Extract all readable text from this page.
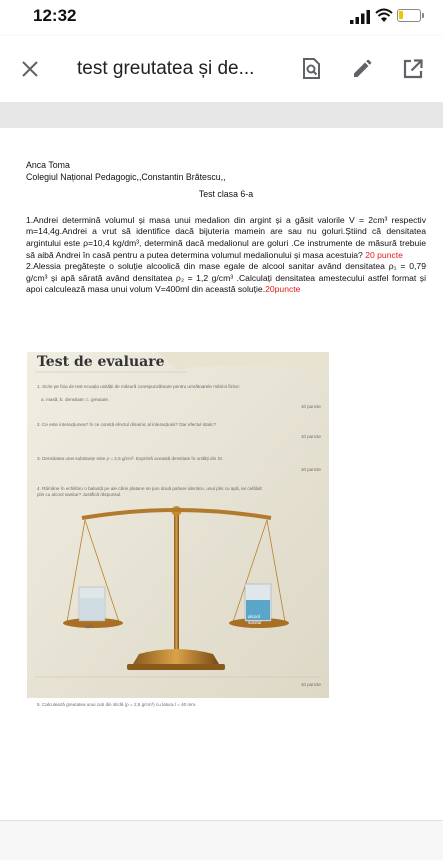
12:32
test greutatea și de...

Anca Toma

Colegiul Național Pedagogic,,Constantin Brătescu,,

Test clasa 6-a

1.Andrei determină volumul și masa unui medalion din argint și a găsit valorile V = 2cm³ respectiv m=14,4g.Andrei a vrut să identifice dacă bijuteria mamein are sau nu goluri.Știind că densitatea argintului este ρ=10,4 kg/dm³, determină dacă medalionul are goluri .Ce instrumente de măsură trebuie să aibă Andrei în casă pentru a putea determina volumul medalionului și masa acestuia? 20 puncte

2.Alessia pregătește o soluție alcoolică din mase egale de alcool sanitar având densitatea ρ₁ = 0,79 g/cm³ și apă sărată având densitatea ρ₂ = 1,2 g/cm³ .Calculați densitatea amestecului astfel format și apoi calculează masa unui volum V=400ml din această soluție.20puncte

Test de evaluare
1. Scrie pe foia de test ecuația unității de măsură corespunzătoare pentru următoarele mărimi fizice:
a. masă; b. densitate; c. greutate.
10 puncte
2. Ce este interacțiunea? În ce constă efectul dinamic al interacțiunii? Dar efectul static?
10 puncte
3. Densitatea unei substanțe este ρ = 2,5 g/cm³. Exprimă această densitate în unități din SI.
10 puncte
4. Rămâne în echilibru o balanță pe ale cărei platane se pun două pahare identice, unul plin cu apă, iar celălalt plin cu alcool sanitar? Justifică răspunsul.
apă
alcool sanitar
10 puncte
5. Calculează greutatea unui cub din sticlă (ρ = 2,5 g/cm³) cu latura l = 40 mm.
